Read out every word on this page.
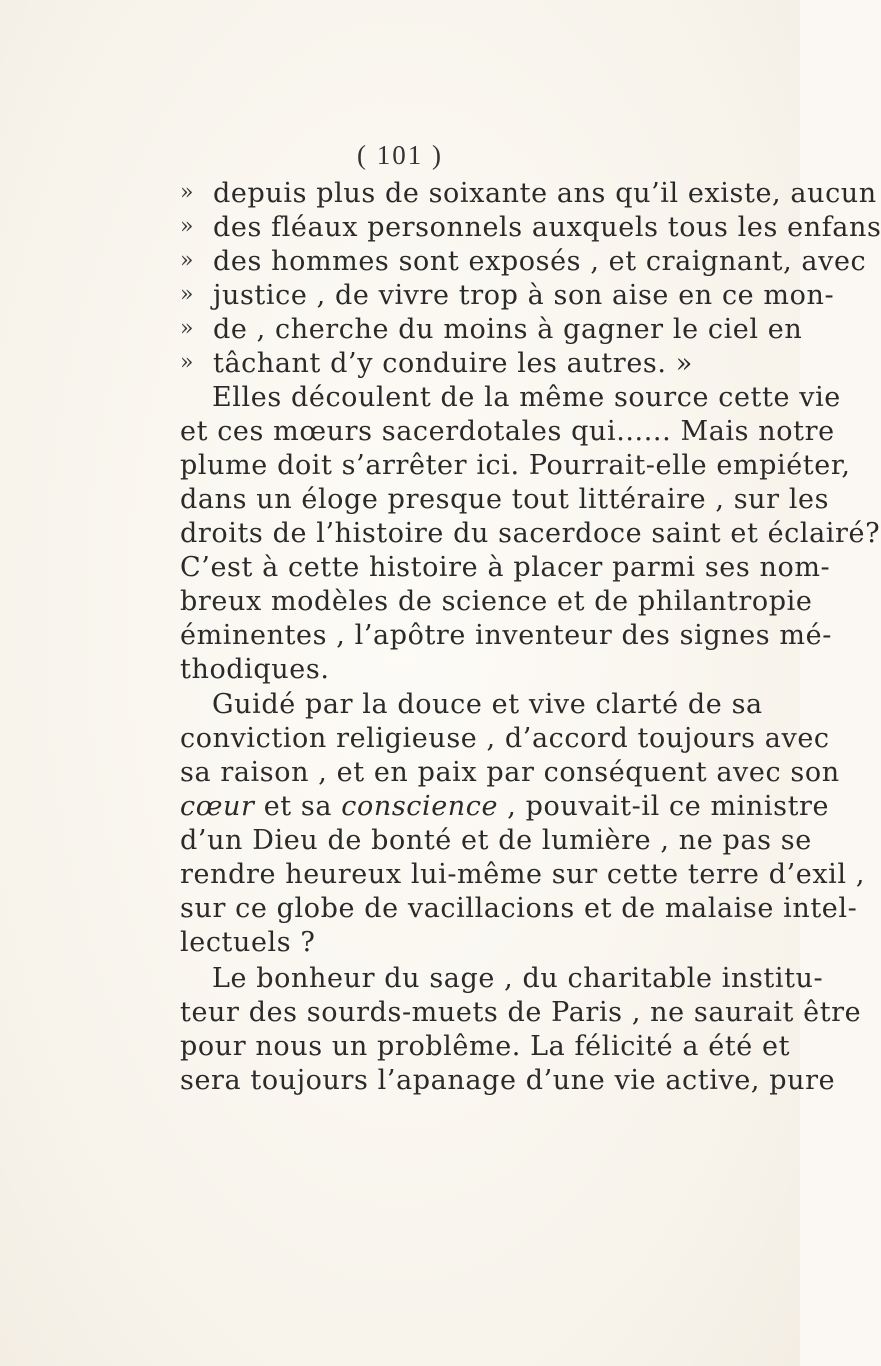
( 101 )
» depuis plus de soixante ans qu’il existe, aucun
» des fléaux personnels auxquels tous les enfans
» des hommes sont exposés , et craignant, avec
» justice , de vivre trop à son aise en ce mon-
» de , cherche du moins à gagner le ciel en
» tâchant d’y conduire les autres. »
Elles découlent de la même source cette vie
et ces mœurs sacerdotales qui...... Mais notre
plume doit s’arrêter ici. Pourrait-elle empiéter,
dans un éloge presque tout littéraire , sur les
droits de l’histoire du sacerdoce saint et éclairé?
C’est à cette histoire à placer parmi ses nom-
breux modèles de science et de philantropie
éminentes , l’apôtre inventeur des signes mé-
thodiques.
Guidé par la douce et vive clarté de sa
conviction religieuse , d’accord toujours avec
sa raison , et en paix par conséquent avec son
cœur et sa conscience , pouvait-il ce ministre
d’un Dieu de bonté et de lumière , ne pas se
rendre heureux lui-même sur cette terre d’exil ,
sur ce globe de vacillacions et de malaise intel-
lectuels ?
Le bonheur du sage , du charitable institu-
teur des sourds-muets de Paris , ne saurait être
pour nous un problême. La félicité a été et
sera toujours l’apanage d’une vie active, pure
